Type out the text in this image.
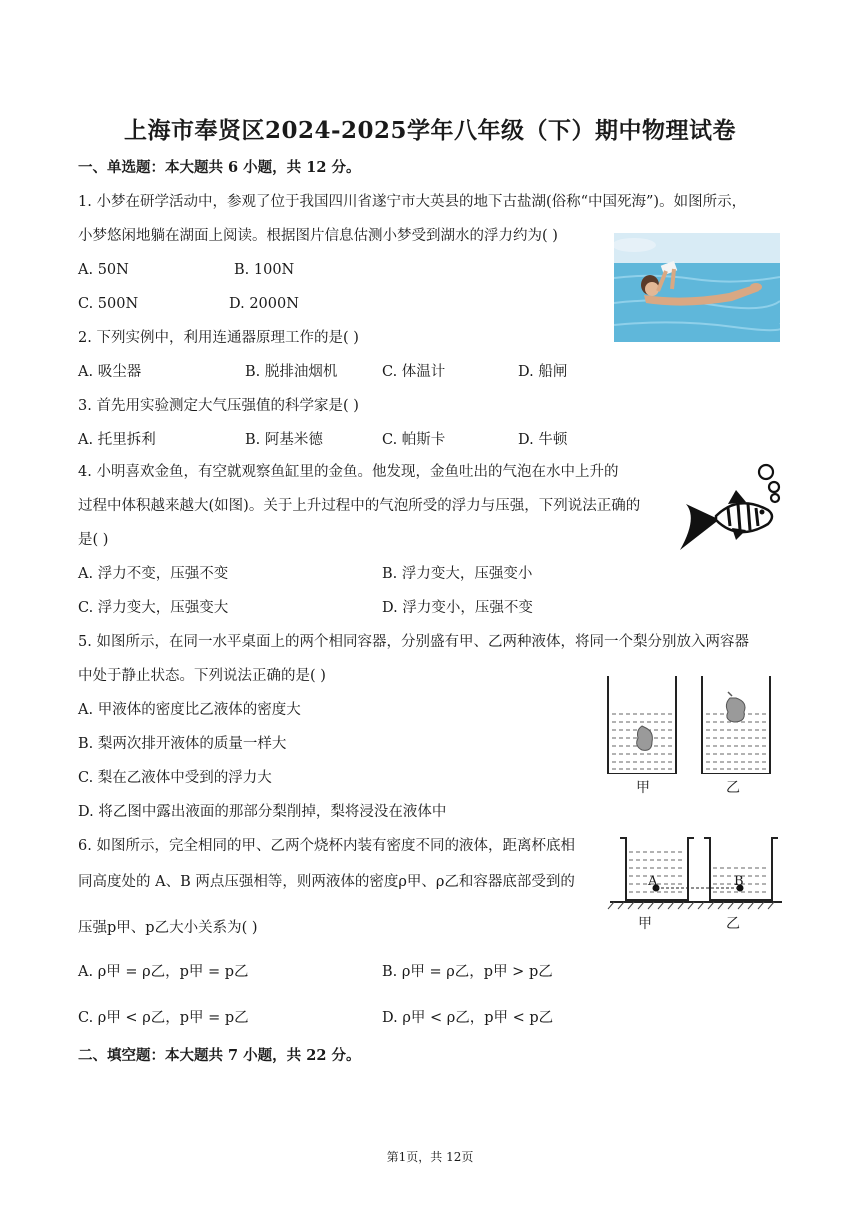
上海市奉贤区2024-2025学年八年级（下）期中物理试卷
一、单选题：本大题共 6 小题，共 12 分。
1. 小梦在研学活动中，参观了位于我国四川省遂宁市大英县的地下古盐湖(俗称“中国死海”)。如图所示，
小梦悠闲地躺在湖面上阅读。根据图片信息估测小梦受到湖水的浮力约为( )
A. 50N	B. 100N
C. 500N	D. 2000N
2. 下列实例中，利用连通器原理工作的是( )
A. 吸尘器	B. 脱排油烟机	C. 体温计	D. 船闸
3. 首先用实验测定大气压强值的科学家是( )
A. 托里拆利	B. 阿基米德	C. 帕斯卡	D. 牛顿
4. 小明喜欢金鱼，有空就观察鱼缸里的金鱼。他发现，金鱼吐出的气泡在水中上升的
过程中体积越来越大(如图)。关于上升过程中的气泡所受的浮力与压强，下列说法正确的
是( )
A. 浮力不变，压强不变	B. 浮力变大，压强变小
C. 浮力变大，压强变大	D. 浮力变小，压强不变
5. 如图所示，在同一水平桌面上的两个相同容器，分别盛有甲、乙两种液体，将同一个梨分别放入两容器
中处于静止状态。下列说法正确的是( )
A. 甲液体的密度比乙液体的密度大
B. 梨两次排开液体的质量一样大
C. 梨在乙液体中受到的浮力大
D. 将乙图中露出液面的那部分梨削掉，梨将浸没在液体中
甲	乙
6. 如图所示，完全相同的甲、乙两个烧杯内装有密度不同的液体，距离杯底相
同高度处的 A、B 两点压强相等，则两液体的密度ρ甲、ρ乙和容器底部受到的
压强p甲、p乙大小关系为( )
A	B
甲	乙
A. ρ甲 = ρ乙，p甲 = p乙	B. ρ甲 = ρ乙，p甲 > p乙
C. ρ甲 < ρ乙，p甲 = p乙	D. ρ甲 < ρ乙，p甲 < p乙
二、填空题：本大题共 7 小题，共 22 分。
第1页，共 12页
